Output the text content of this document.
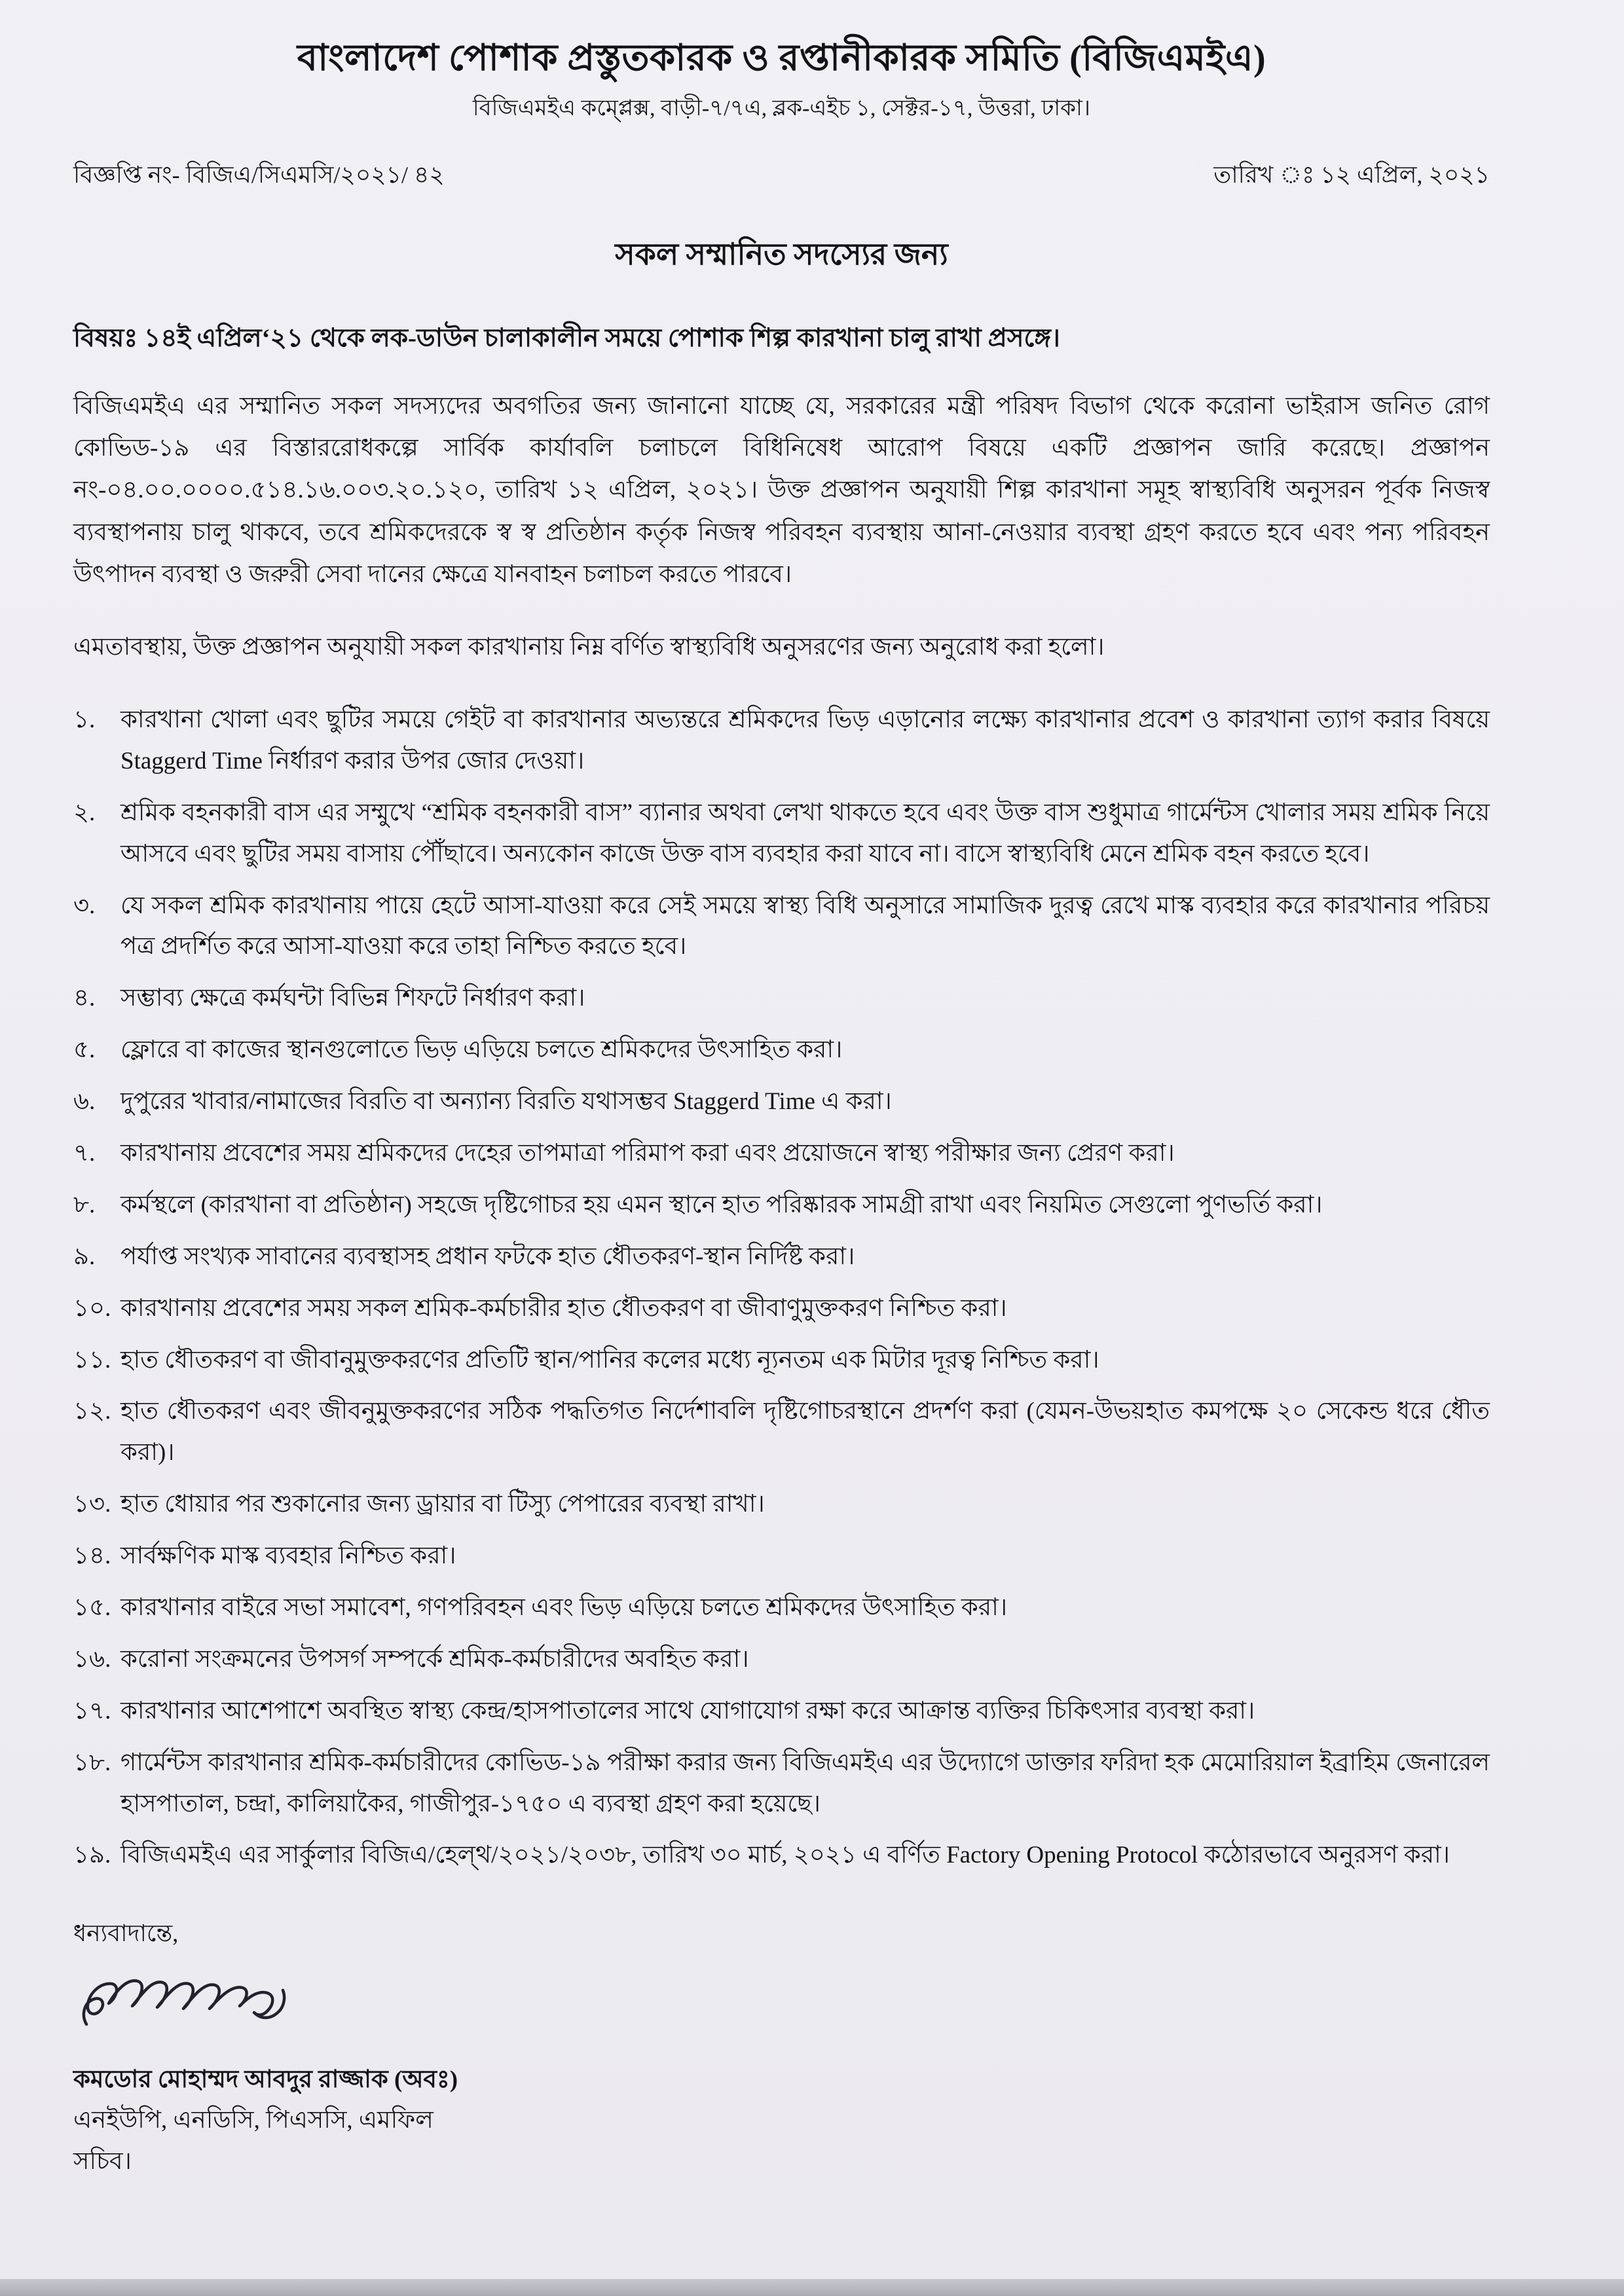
বাংলাদেশ পোশাক প্রস্তুতকারক ও রপ্তানীকারক সমিতি (বিজিএমইএ)
বিজিএমইএ কম্প্লেক্স, বাড়ী-৭/৭এ, ব্লক-এইচ ১, সেক্টর-১৭, উত্তরা, ঢাকা।
বিজ্ঞপ্তি নং- বিজিএ/সিএমসি/২০২১/ ৪২	তারিখ ঃ ১২ এপ্রিল, ২০২১
সকল সম্মানিত সদস্যের জন্য
বিষয়ঃ ১৪ই এপ্রিল‘২১ থেকে লক-ডাউন চালাকালীন সময়ে পোশাক শিল্প কারখানা চালু রাখা প্রসঙ্গে।
বিজিএমইএ এর সম্মানিত সকল সদস্যদের অবগতির জন্য জানানো যাচ্ছে যে, সরকারের মন্ত্রী পরিষদ বিভাগ থেকে করোনা ভাইরাস জনিত রোগ কোভিড-১৯ এর বিস্তাররোধকল্পে সার্বিক কার্যাবলি চলাচলে বিধিনিষেধ আরোপ বিষয়ে একটি প্রজ্ঞাপন জারি করেছে। প্রজ্ঞাপন নং-০৪.০০.০০০০.৫১৪.১৬.০০৩.২০.১২০, তারিখ ১২ এপ্রিল, ২০২১। উক্ত প্রজ্ঞাপন অনুযায়ী শিল্প কারখানা সমূহ স্বাস্থ্যবিধি অনুসরন পূর্বক নিজস্ব ব্যবস্থাপনায় চালু থাকবে, তবে শ্রমিকদেরকে স্ব স্ব প্রতিষ্ঠান কর্তৃক নিজস্ব পরিবহন ব্যবস্থায় আনা-নেওয়ার ব্যবস্থা গ্রহণ করতে হবে এবং পন্য পরিবহন উৎপাদন ব্যবস্থা ও জরুরী সেবা দানের ক্ষেত্রে যানবাহন চলাচল করতে পারবে।
এমতাবস্থায়, উক্ত প্রজ্ঞাপন অনুযায়ী সকল কারখানায় নিম্ন বর্ণিত স্বাস্থ্যবিধি অনুসরণের জন্য অনুরোধ করা হলো।
১.	কারখানা খোলা এবং ছুটির সময়ে গেইট বা কারখানার অভ্যন্তরে শ্রমিকদের ভিড় এড়ানোর লক্ষ্যে কারখানার প্রবেশ ও কারখানা ত্যাগ করার বিষয়ে Staggerd Time নির্ধারণ করার উপর জোর দেওয়া।
২.	শ্রমিক বহনকারী বাস এর সম্মুখে “শ্রমিক বহনকারী বাস” ব্যানার অথবা লেখা থাকতে হবে এবং উক্ত বাস শুধুমাত্র গার্মেন্টস খোলার সময় শ্রমিক নিয়ে আসবে এবং ছুটির সময় বাসায় পৌঁছাবে। অন্যকোন কাজে উক্ত বাস ব্যবহার করা যাবে না। বাসে স্বাস্থ্যবিধি মেনে শ্রমিক বহন করতে হবে।
৩.	যে সকল শ্রমিক কারখানায় পায়ে হেটে আসা-যাওয়া করে সেই সময়ে স্বাস্থ্য বিধি অনুসারে সামাজিক দুরত্ব রেখে মাস্ক ব্যবহার করে কারখানার পরিচয় পত্র প্রদর্শিত করে আসা-যাওয়া করে তাহা নিশ্চিত করতে হবে।
৪.	সম্ভাব্য ক্ষেত্রে কর্মঘন্টা বিভিন্ন শিফটে নির্ধারণ করা।
৫.	ফ্লোরে বা কাজের স্থানগুলোতে ভিড় এড়িয়ে চলতে শ্রমিকদের উৎসাহিত করা।
৬.	দুপুরের খাবার/নামাজের বিরতি বা অন্যান্য বিরতি যথাসম্ভব Staggerd Time এ করা।
৭.	কারখানায় প্রবেশের সময় শ্রমিকদের দেহের তাপমাত্রা পরিমাপ করা এবং প্রয়োজনে স্বাস্থ্য পরীক্ষার জন্য প্রেরণ করা।
৮.	কর্মস্থলে (কারখানা বা প্রতিষ্ঠান) সহজে দৃষ্টিগোচর হয় এমন স্থানে হাত পরিষ্কারক সামগ্রী রাখা এবং নিয়মিত সেগুলো পুণভর্তি করা।
৯.	পর্যাপ্ত সংখ্যক সাবানের ব্যবস্থাসহ প্রধান ফটকে হাত ধৌতকরণ-স্থান নির্দিষ্ট করা।
১০. কারখানায় প্রবেশের সময় সকল শ্রমিক-কর্মচারীর হাত ধৌতকরণ বা জীবাণুমুক্তকরণ নিশ্চিত করা।
১১. হাত ধৌতকরণ বা জীবানুমুক্তকরণের প্রতিটি স্থান/পানির কলের মধ্যে ন্যূনতম এক মিটার দূরত্ব নিশ্চিত করা।
১২. হাত ধৌতকরণ এবং জীবনুমুক্তকরণের সঠিক পদ্ধতিগত নির্দেশাবলি দৃষ্টিগোচরস্থানে প্রদর্শণ করা (যেমন-উভয়হাত কমপক্ষে ২০ সেকেন্ড ধরে ধৌত করা)।
১৩. হাত ধোয়ার পর শুকানোর জন্য ড্রায়ার বা টিস্যু পেপারের ব্যবস্থা রাখা।
১৪. সার্বক্ষণিক মাস্ক ব্যবহার নিশ্চিত করা।
১৫. কারখানার বাইরে সভা সমাবেশ, গণপরিবহন এবং ভিড় এড়িয়ে চলতে শ্রমিকদের উৎসাহিত করা।
১৬. করোনা সংক্রমনের উপসর্গ সম্পর্কে শ্রমিক-কর্মচারীদের অবহিত করা।
১৭. কারখানার আশেপাশে অবস্থিত স্বাস্থ্য কেন্দ্র/হাসপাতালের সাথে যোগাযোগ রক্ষা করে আক্রান্ত ব্যক্তির চিকিৎসার ব্যবস্থা করা।
১৮. গার্মেন্টস কারখানার শ্রমিক-কর্মচারীদের কোভিড-১৯ পরীক্ষা করার জন্য বিজিএমইএ এর উদ্যোগে ডাক্তার ফরিদা হক মেমোরিয়াল ইব্রাহিম জেনারেল হাসপাতাল, চন্দ্রা, কালিয়াকৈর, গাজীপুর-১৭৫০ এ ব্যবস্থা গ্রহণ করা হয়েছে।
১৯. বিজিএমইএ এর সার্কুলার বিজিএ/হেল্থ/২০২১/২০৩৮, তারিখ ৩০ মার্চ, ২০২১ এ বর্ণিত Factory Opening Protocol কঠোরভাবে অনুরসণ করা।
ধন্যবাদান্তে,
কমডোর মোহাম্মদ আবদুর রাজ্জাক (অবঃ)
এনইউপি, এনডিসি, পিএসসি, এমফিল
সচিব।
